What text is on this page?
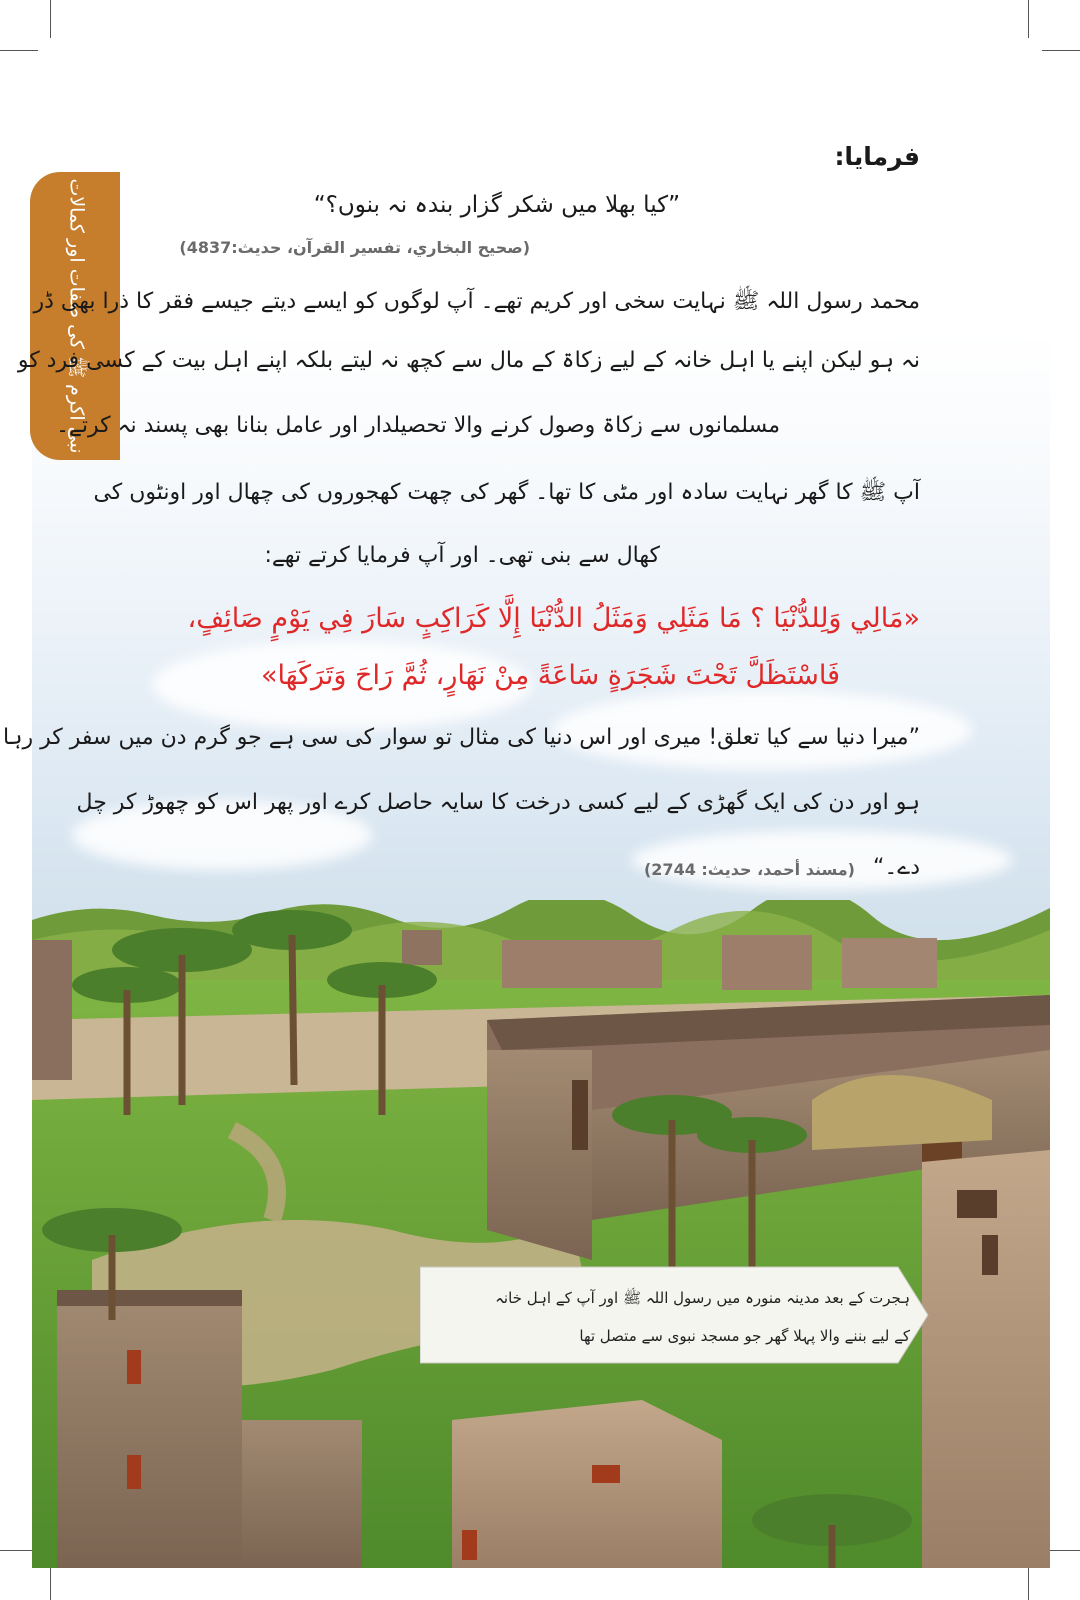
نبی اکرم ﷺ کی صفات اور کمالات
فرمایا:
”کیا بھلا میں شکر گزار بندہ نہ بنوں؟“
(صحیح البخاري، تفسیر القرآن، حدیث:4837)
محمد رسول اللہ ﷺ نہایت سخی اور کریم تھے۔ آپ لوگوں کو ایسے دیتے جیسے فقر کا ذرا بھی ڈر
نہ ہو لیکن اپنے یا اہل خانہ کے لیے زکاۃ کے مال سے کچھ نہ لیتے بلکہ اپنے اہل بیت کے کسی فرد کو
مسلمانوں سے زکاۃ وصول کرنے والا تحصیلدار اور عامل بنانا بھی پسند نہ کرتے۔
آپ ﷺ کا گھر نہایت سادہ اور مٹی کا تھا۔ گھر کی چھت کھجوروں کی چھال اور اونٹوں کی
کھال سے بنی تھی۔ اور آپ فرمایا کرتے تھے:
«مَالِي وَلِلدُّنْيَا ؟ مَا مَثَلِي وَمَثَلُ الدُّنْيَا إِلَّا كَرَاكِبٍ سَارَ فِي يَوْمٍ صَائِفٍ،
فَاسْتَظَلَّ تَحْتَ شَجَرَةٍ سَاعَةً مِنْ نَهَارٍ، ثُمَّ رَاحَ وَتَرَكَهَا»
”میرا دنیا سے کیا تعلق! میری اور اس دنیا کی مثال تو سوار کی سی ہے جو گرم دن میں سفر کر رہا
ہو اور دن کی ایک گھڑی کے لیے کسی درخت کا سایہ حاصل کرے اور پھر اس کو چھوڑ کر چل
دے۔“
(مسند أحمد، حدیث: 2744)
ہجرت کے بعد مدینہ منورہ میں رسول اللہ ﷺ اور آپ کے اہل خانہ
کے لیے بننے والا پہلا گھر جو مسجد نبوی سے متصل تھا
